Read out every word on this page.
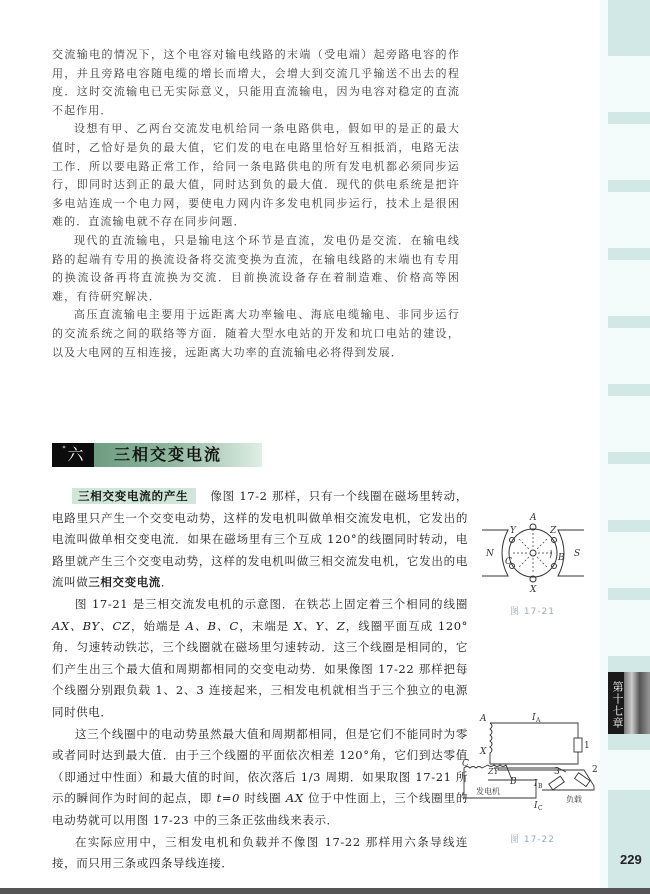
第十七章
229

交流输电的情况下，这个电容对输电线路的末端（受电端）起旁路电容的作用，并且旁路电容随电缆的增长而增大，会增大到交流几乎输送不出去的程度．这时交流输电已无实际意义，只能用直流输电，因为电容对稳定的直流不起作用．

设想有甲、乙两台交流发电机给同一条电路供电，假如甲的是正的最大值时，乙恰好是负的最大值，它们发的电在电路里恰好互相抵消，电路无法工作．所以要电路正常工作，给同一条电路供电的所有发电机都必须同步运行，即同时达到正的最大值，同时达到负的最大值．现代的供电系统是把许多电站连成一个电力网，要使电力网内许多发电机同步运行，技术上是很困难的．直流输电就不存在同步问题．

现代的直流输电，只是输电这个环节是直流，发电仍是交流．在输电线路的起端有专用的换流设备将交流变换为直流，在输电线路的末端也有专用的换流设备再将直流换为交流．目前换流设备存在着制造难、价格高等困难，有待研究解决．

高压直流输电主要用于远距离大功率输电、海底电缆输电、非同步运行的交流系统之间的联络等方面．随着大型水电站的开发和坑口电站的建设，以及大电网的互相连接，远距离大功率的直流输电必将得到发展．

* 六	三相交变电流

三相交变电流的产生 像图 17-2 那样，只有一个线圈在磁场里转动，电路里只产生一个交变电动势，这样的发电机叫做单相交流发电机，它发出的电流叫做单相交变电流．如果在磁场里有三个互成 120°的线圈同时转动，电路里就产生三个交变电动势，这样的发电机叫做三相交流发电机，它发出的电流叫做三相交变电流．

图 17-21 是三相交流发电机的示意图．在铁芯上固定着三个相同的线圈 AX、BY、CZ，始端是 A、B、C，末端是 X、Y、Z，线圈平面互成 120°角．匀速转动铁芯，三个线圈就在磁场里匀速转动．这三个线圈是相同的，它们产生出三个最大值和周期都相同的交变电动势．如果像图 17-22 那样把每个线圈分别跟负载 1、2、3 连接起来，三相发电机就相当于三个独立的电源同时供电．

这三个线圈中的电动势虽然最大值和周期都相同，但是它们不能同时为零或者同时达到最大值．由于三个线圈的平面依次相差 120°角，它们到达零值（即通过中性面）和最大值的时间，依次落后 1/3 周期．如果取图 17-21 所示的瞬间作为时间的起点，即 t=0 时线圈 AX 位于中性面上，三个线圈里的电动势就可以用图 17-23 中的三条正弦曲线来表示．

在实际应用中，三相发电机和负载并不像图 17-22 那样用六条导线连接，而只用三条或四条导线连接．

A
X
Y	Z
B
C
N	S
图 17-21
A
X
ZY
B
C
I A
I B
I C
1
2
3
发电机
负载
图 17-22
